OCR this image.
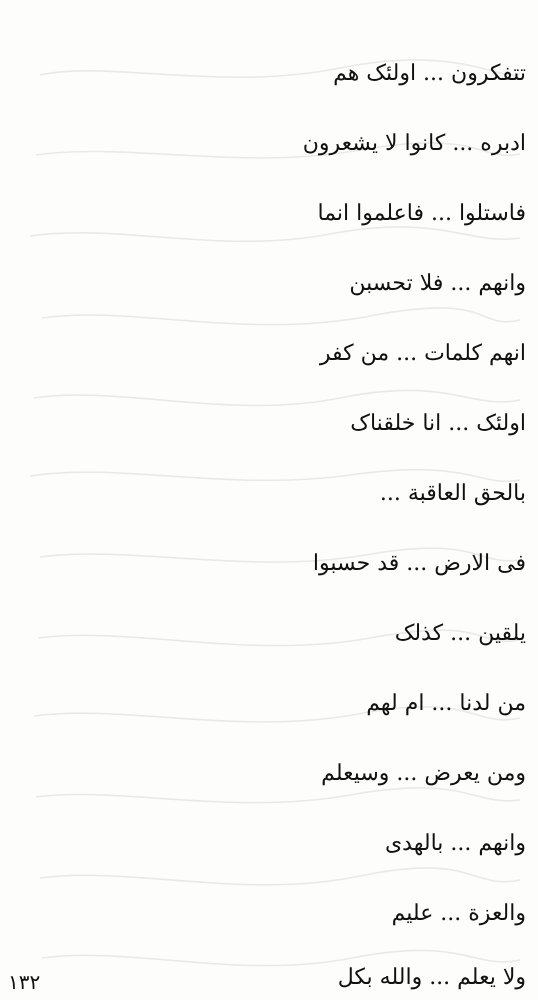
تتفکرون ... اولئک هم
ادبره ... کانوا لا یشعرون
فاستلوا ... فاعلموا انما
وانهم ... فلا تحسبن
انهم کلمات ... من کفر
اولئک ... انا خلقناک
بالحق العاقبة ...
فی الارض ... قد حسبوا
یلقین ... کذلک
من لدنا ... ام لهم
ومن یعرض ... وسیعلم
وانهم ... بالهدی
والعزة ... علیم
ولا یعلم ... والله بکل
١٣٢
